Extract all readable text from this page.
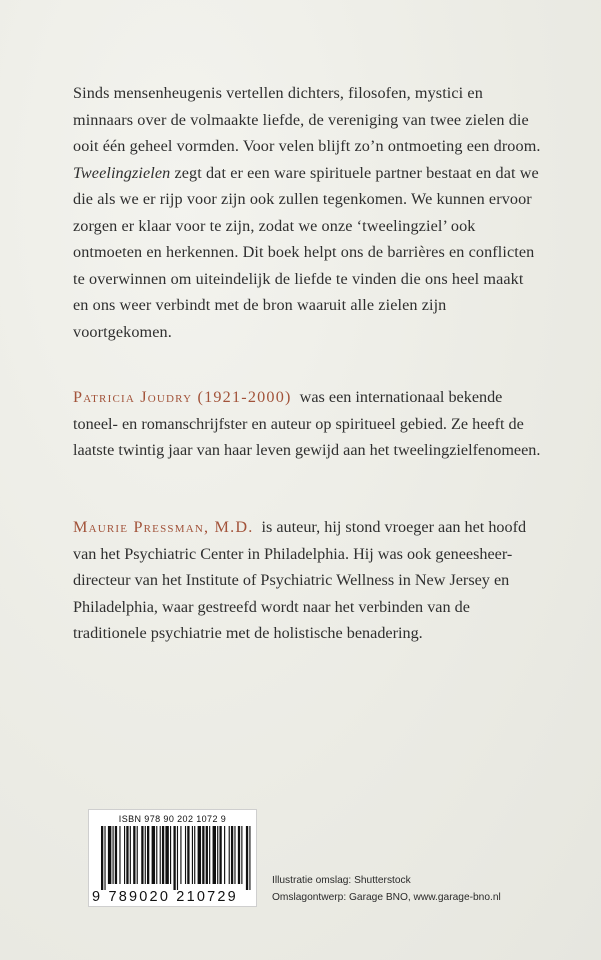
Sinds mensenheugenis vertellen dichters, filosofen, mystici en minnaars over de volmaakte liefde, de vereniging van twee zielen die ooit één geheel vormden. Voor velen blijft zo’n ontmoeting een droom. Tweelingzielen zegt dat er een ware spirituele partner bestaat en dat we die als we er rijp voor zijn ook zullen tegenkomen. We kunnen ervoor zorgen er klaar voor te zijn, zodat we onze ‘tweelingziel’ ook ontmoeten en herkennen. Dit boek helpt ons de barrières en conflicten te overwinnen om uiteindelijk de liefde te vinden die ons heel maakt en ons weer verbindt met de bron waaruit alle zielen zijn voortgekomen.

Patricia Joudry (1921-2000) was een internationaal bekende toneel- en romanschrijfster en auteur op spiritueel gebied. Ze heeft de laatste twintig jaar van haar leven gewijd aan het tweelingzielfenomeen.

Maurie Pressman, M.D. is auteur, hij stond vroeger aan het hoofd van het Psychiatric Center in Philadelphia. Hij was ook geneesheer-directeur van het Institute of Psychiatric Wellness in New Jersey en Philadelphia, waar gestreefd wordt naar het verbinden van de traditionele psychiatrie met de holistische benadering.

ISBN 978 90 202 1072 9
9 789020 210729
Illustratie omslag: Shutterstock
Omslagontwerp: Garage BNO, www.garage-bno.nl
